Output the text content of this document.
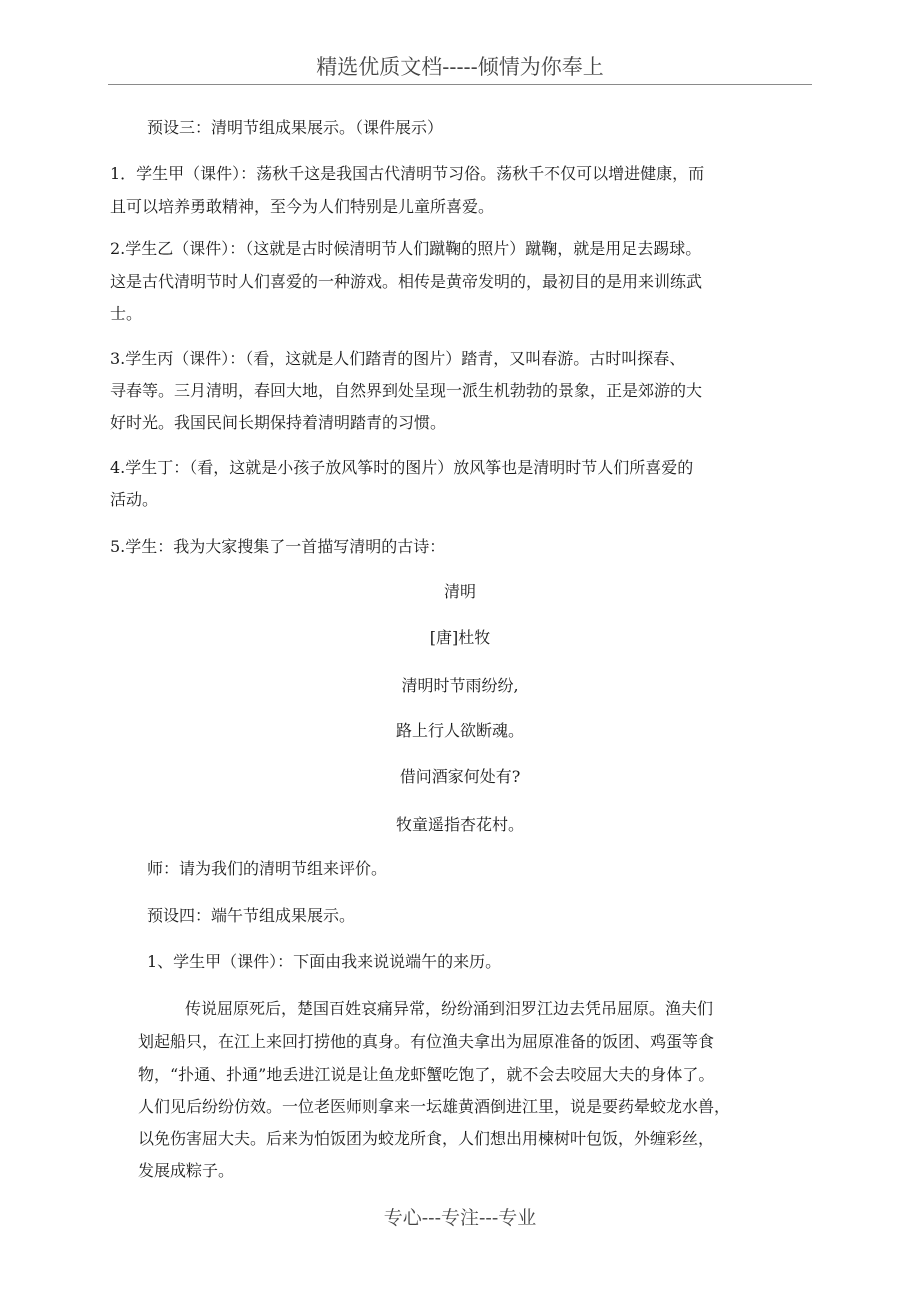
精选优质文档-----倾情为你奉上
预设三：清明节组成果展示。（课件展示）
1．学生甲（课件）：荡秋千这是我国古代清明节习俗。荡秋千不仅可以增进健康，而
且可以培养勇敢精神，至今为人们特别是儿童所喜爱。
2.学生乙（课件）：（这就是古时候清明节人们蹴鞠的照片）蹴鞠，就是用足去踢球。
这是古代清明节时人们喜爱的一种游戏。相传是黄帝发明的，最初目的是用来训练武
士。
3.学生丙（课件）：（看，这就是人们踏青的图片）踏青，又叫春游。古时叫探春、
寻春等。三月清明，春回大地，自然界到处呈现一派生机勃勃的景象，正是郊游的大
好时光。我国民间长期保持着清明踏青的习惯。
4.学生丁：（看，这就是小孩子放风筝时的图片）放风筝也是清明时节人们所喜爱的
活动。
5.学生：我为大家搜集了一首描写清明的古诗：
清明
[唐]杜牧
清明时节雨纷纷,
路上行人欲断魂。
借问酒家何处有?
牧童遥指杏花村。
师：请为我们的清明节组来评价。
预设四：端午节组成果展示。
1、学生甲（课件）：下面由我来说说端午的来历。
传说屈原死后，楚国百姓哀痛异常，纷纷涌到汨罗江边去凭吊屈原。渔夫们
划起船只，在江上来回打捞他的真身。有位渔夫拿出为屈原准备的饭团、鸡蛋等食
物，“扑通、扑通”地丢进江说是让鱼龙虾蟹吃饱了，就不会去咬屈大夫的身体了。
人们见后纷纷仿效。一位老医师则拿来一坛雄黄酒倒进江里，说是要药晕蛟龙水兽，
以免伤害屈大夫。后来为怕饭团为蛟龙所食，人们想出用楝树叶包饭，外缠彩丝，
发展成粽子。
专心---专注---专业
